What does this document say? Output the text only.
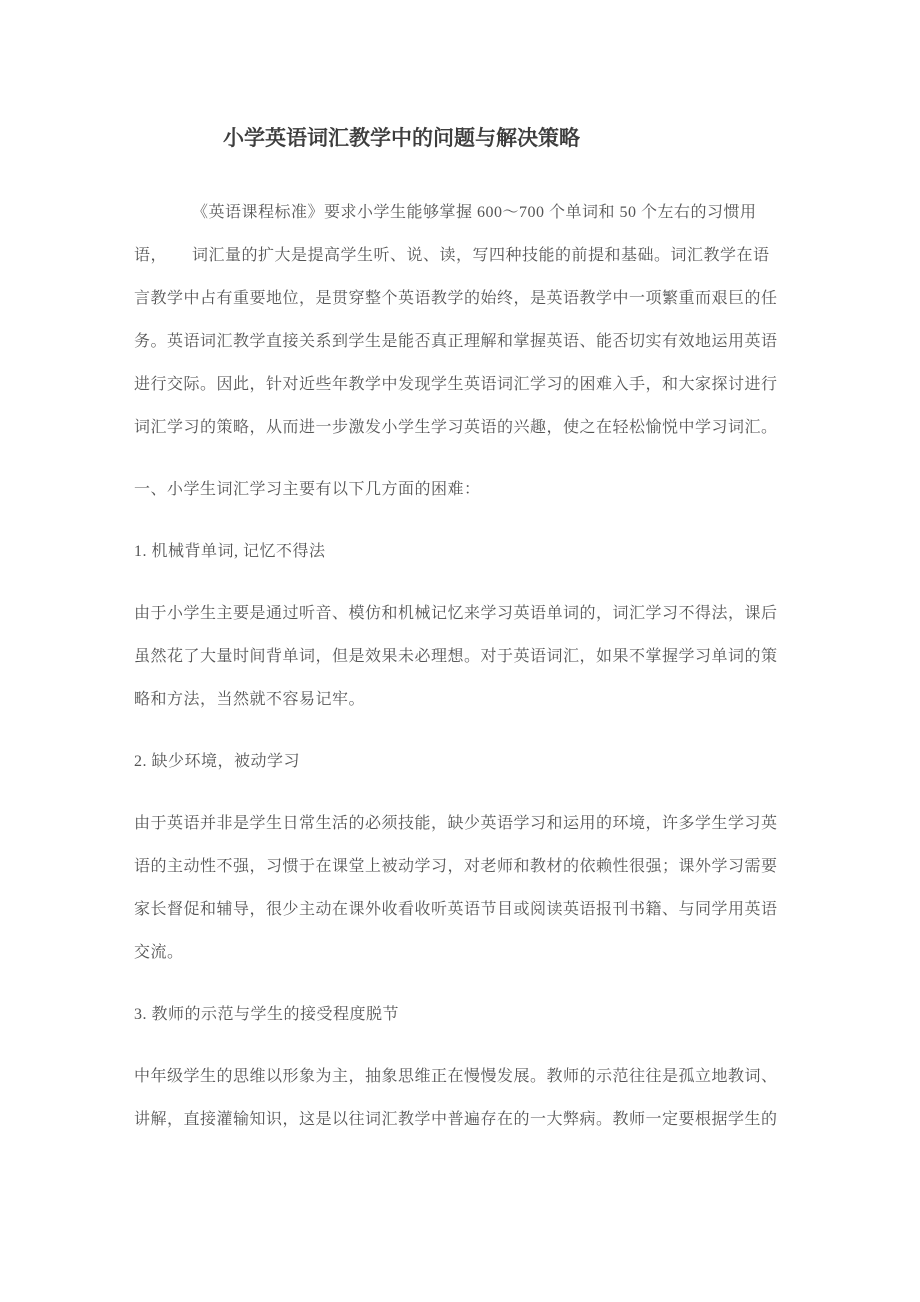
小学英语词汇教学中的问题与解决策略
　　　　《英语课程标准》要求小学生能够掌握 600～700 个单词和 50 个左右的习惯用
语，　　词汇量的扩大是提高学生听、说、读，写四种技能的前提和基础。词汇教学在语
言教学中占有重要地位，是贯穿整个英语教学的始终，是英语教学中一项繁重而艰巨的任
务。英语词汇教学直接关系到学生是能否真正理解和掌握英语、能否切实有效地运用英语
进行交际。因此，针对近些年教学中发现学生英语词汇学习的困难入手，和大家探讨进行
词汇学习的策略，从而进一步激发小学生学习英语的兴趣，使之在轻松愉悦中学习词汇。
一、小学生词汇学习主要有以下几方面的困难：
1. 机械背单词, 记忆不得法
由于小学生主要是通过听音、模仿和机械记忆来学习英语单词的，词汇学习不得法，课后
虽然花了大量时间背单词，但是效果未必理想。对于英语词汇，如果不掌握学习单词的策
略和方法，当然就不容易记牢。
2. 缺少环境，被动学习
由于英语并非是学生日常生活的必须技能，缺少英语学习和运用的环境，许多学生学习英
语的主动性不强，习惯于在课堂上被动学习，对老师和教材的依赖性很强；课外学习需要
家长督促和辅导，很少主动在课外收看收听英语节目或阅读英语报刊书籍、与同学用英语
交流。
3. 教师的示范与学生的接受程度脱节
中年级学生的思维以形象为主，抽象思维正在慢慢发展。教师的示范往往是孤立地教词、
讲解，直接灌输知识，这是以往词汇教学中普遍存在的一大弊病。教师一定要根据学生的
